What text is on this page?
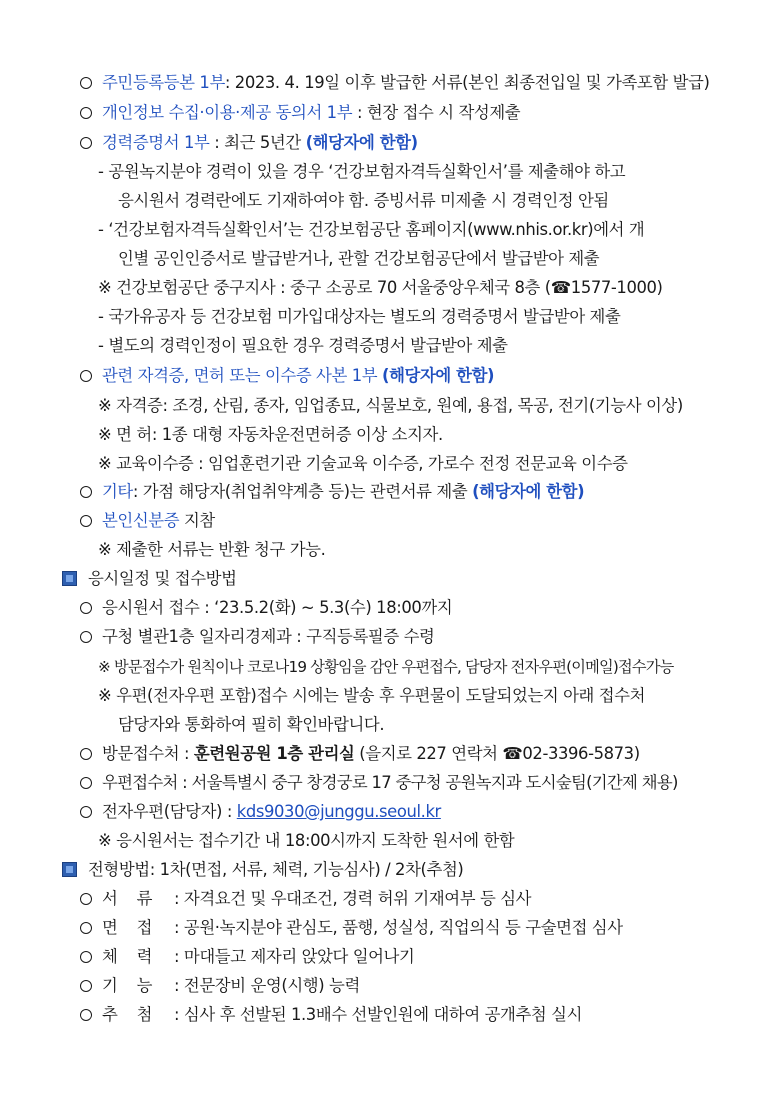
주민등록등본 1부: 2023. 4. 19일 이후 발급한 서류(본인 최종전입일 및 가족포함 발급)
개인정보 수집·이용·제공 동의서 1부 : 현장 접수 시 작성제출
경력증명서 1부 : 최근 5년간 (해당자에 한함)
- 공원녹지분야 경력이 있을 경우 ‘건강보험자격득실확인서’를 제출해야 하고
응시원서 경력란에도 기재하여야 함. 증빙서류 미제출 시 경력인정 안됨
- ‘건강보험자격득실확인서’는 건강보험공단 홈페이지(www.nhis.or.kr)에서 개
인별 공인인증서로 발급받거나, 관할 건강보험공단에서 발급받아 제출
※ 건강보험공단 중구지사 : 중구 소공로 70 서울중앙우체국 8층 (☎1577-1000)
- 국가유공자 등 건강보험 미가입대상자는 별도의 경력증명서 발급받아 제출
- 별도의 경력인정이 필요한 경우 경력증명서 발급받아 제출
관련 자격증, 면허 또는 이수증 사본 1부 (해당자에 한함)
※ 자격증: 조경, 산림, 종자, 임업종묘, 식물보호, 원예, 용접, 목공, 전기(기능사 이상)
※ 면 허: 1종 대형 자동차운전면허증 이상 소지자.
※ 교육이수증 : 임업훈련기관 기술교육 이수증, 가로수 전정 전문교육 이수증
기타: 가점 해당자(취업취약계층 등)는 관련서류 제출 (해당자에 한함)
본인신분증 지참
※ 제출한 서류는 반환 청구 가능.
응시일정 및 접수방법
응시원서 접수 : ‘23.5.2(화) ~ 5.3(수) 18:00까지
구청 별관1층 일자리경제과 : 구직등록필증 수령
※ 방문접수가 원칙이나 코로나19 상황임을 감안 우편접수, 담당자 전자우편(이메일)접수가능
※ 우편(전자우편 포함)접수 시에는 발송 후 우편물이 도달되었는지 아래 접수처
담당자와 통화하여 필히 확인바랍니다.
방문접수처 : 훈련원공원 1층 관리실 (을지로 227 연락처 ☎02-3396-5873)
우편접수처 : 서울특별시 중구 창경궁로 17 중구청 공원녹지과 도시숲팀(기간제 채용)
전자우편(담당자) : kds9030@junggu.seoul.kr
※ 응시원서는 접수기간 내 18:00시까지 도착한 원서에 한함
전형방법: 1차(면접, 서류, 체력, 기능심사) / 2차(추첨)
서    류 : 자격요건 및 우대조건, 경력 허위 기재여부 등 심사
면    접 : 공원·녹지분야 관심도, 품행, 성실성, 직업의식 등 구술면접 심사
체    력 : 마대들고 제자리 앉았다 일어나기
기    능 : 전문장비 운영(시행) 능력
추    첨 : 심사 후 선발된 1.3배수 선발인원에 대하여 공개추첨 실시
